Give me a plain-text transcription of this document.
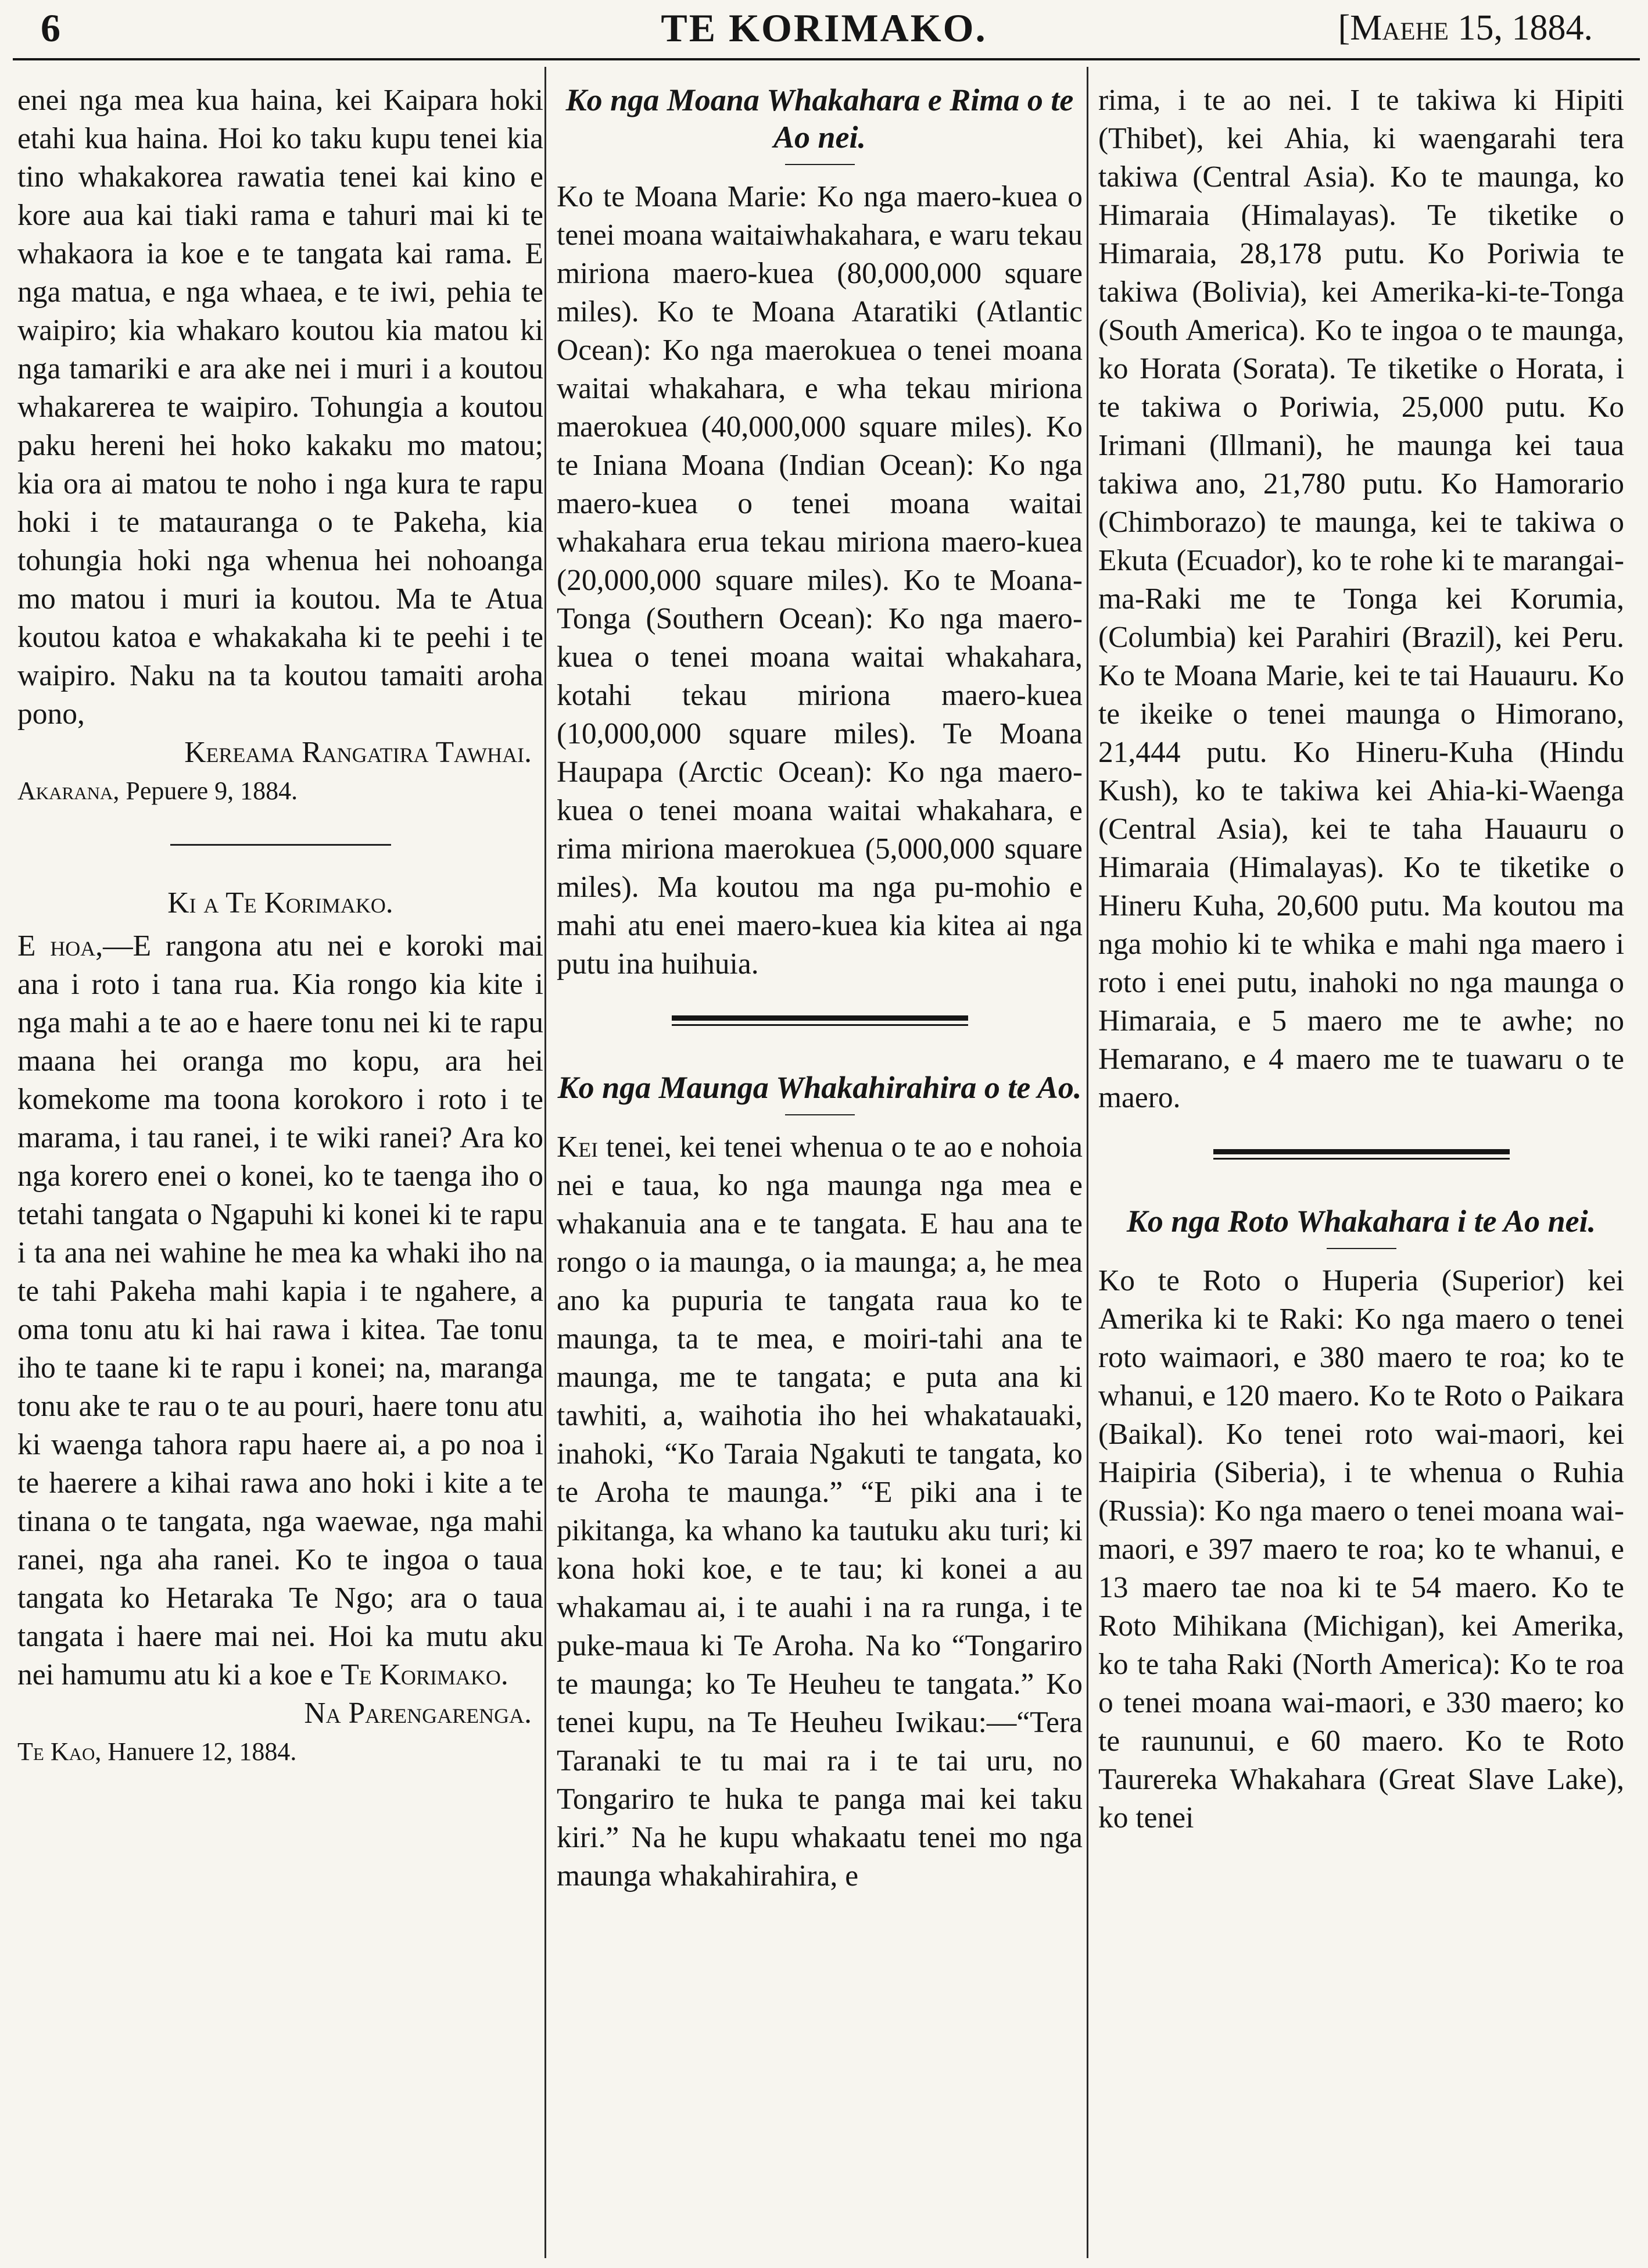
6	TE KORIMAKO.	[Maehe 15, 1884.

enei nga mea kua haina, kei Kaipara hoki etahi kua haina. Hoi ko taku kupu tenei kia tino whakakorea rawatia tenei kai kino e kore aua kai tiaki rama e tahuri mai ki te whakaora ia koe e te tangata kai rama. E nga matua, e nga whaea, e te iwi, pehia te waipiro; kia whakaro koutou kia matou ki nga tamariki e ara ake nei i muri i a koutou whakarerea te waipiro. Tohungia a koutou paku hereni hei hoko kakaku mo matou; kia ora ai matou te noho i nga kura te rapu hoki i te matauranga o te Pakeha, kia tohungia hoki nga whenua hei nohoanga mo matou i muri ia koutou. Ma te Atua koutou katoa e whakakaha ki te peehi i te waipiro. Naku na ta koutou tamaiti aroha pono,

Kereama Rangatira Tawhai.

Akarana, Pepuere 9, 1884.

Ki a Te Korimako.

E hoa,—E rangona atu nei e koroki mai ana i roto i tana rua. Kia rongo kia kite i nga mahi a te ao e haere tonu nei ki te rapu maana hei oranga mo kopu, ara hei komekome ma toona korokoro i roto i te marama, i tau ranei, i te wiki ranei? Ara ko nga korero enei o konei, ko te taenga iho o tetahi tangata o Ngapuhi ki konei ki te rapu i ta ana nei wahine he mea ka whaki iho na te tahi Pakeha mahi kapia i te ngahere, a oma tonu atu ki hai rawa i kitea. Tae tonu iho te taane ki te rapu i konei; na, maranga tonu ake te rau o te au pouri, haere tonu atu ki waenga tahora rapu haere ai, a po noa i te haerere a kihai rawa ano hoki i kite a te tinana o te tangata, nga waewae, nga mahi ranei, nga aha ranei. Ko te ingoa o taua tangata ko Hetaraka Te Ngo; ara o taua tangata i haere mai nei. Hoi ka mutu aku nei hamumu atu ki a koe e Te Korimako.

Na Parengarenga.

Te Kao, Hanuere 12, 1884.

Ko nga Moana Whakahara e Rima o te Ao nei.

Ko te Moana Marie: Ko nga maero-kuea o tenei moana waitaiwhakahara, e waru tekau miriona maero-kuea (80,000,000 square miles). Ko te Moana Ataratiki (Atlantic Ocean): Ko nga maerokuea o tenei moana waitai whakahara, e wha tekau miriona maerokuea (40,000,000 square miles). Ko te Iniana Moana (Indian Ocean): Ko nga maero-kuea o tenei moana waitai whakahara erua tekau miriona maero-kuea (20,000,000 square miles). Ko te Moana-Tonga (Southern Ocean): Ko nga maero-kuea o tenei moana waitai whakahara, kotahi tekau miriona maero-kuea (10,000,000 square miles). Te Moana Haupapa (Arctic Ocean): Ko nga maero-kuea o tenei moana waitai whakahara, e rima miriona maerokuea (5,000,000 square miles). Ma koutou ma nga pu-mohio e mahi atu enei maero-kuea kia kitea ai nga putu ina huihuia.

Ko nga Maunga Whakahirahira o te Ao.

Kei tenei, kei tenei whenua o te ao e nohoia nei e taua, ko nga maunga nga mea e whakanuia ana e te tangata. E hau ana te rongo o ia maunga, o ia maunga; a, he mea ano ka pupuria te tangata raua ko te maunga, ta te mea, e moiri-tahi ana te maunga, me te tangata; e puta ana ki tawhiti, a, waihotia iho hei whakatauaki, inahoki, “Ko Taraia Ngakuti te tangata, ko te Aroha te maunga.” “E piki ana i te pikitanga, ka whano ka tautuku aku turi; ki kona hoki koe, e te tau; ki konei a au whakamau ai, i te auahi i na ra runga, i te puke-maua ki Te Aroha. Na ko “Tongariro te maunga; ko Te Heuheu te tangata.” Ko tenei kupu, na Te Heuheu Iwikau:—“Tera Taranaki te tu mai ra i te tai uru, no Tongariro te huka te panga mai kei taku kiri.” Na he kupu whakaatu tenei mo nga maunga whakahirahira, e

rima, i te ao nei. I te takiwa ki Hipiti (Thibet), kei Ahia, ki waengarahi tera takiwa (Central Asia). Ko te maunga, ko Himaraia (Himalayas). Te tiketike o Himaraia, 28,178 putu. Ko Poriwia te takiwa (Bolivia), kei Amerika-ki-te-Tonga (South America). Ko te ingoa o te maunga, ko Horata (Sorata). Te tiketike o Horata, i te takiwa o Poriwia, 25,000 putu. Ko Irimani (Illmani), he maunga kei taua takiwa ano, 21,780 putu. Ko Hamorario (Chimborazo) te maunga, kei te takiwa o Ekuta (Ecuador), ko te rohe ki te marangai-ma-Raki me te Tonga kei Korumia, (Columbia) kei Parahiri (Brazil), kei Peru. Ko te Moana Marie, kei te tai Hauauru. Ko te ikeike o tenei maunga o Himorano, 21,444 putu. Ko Hineru-Kuha (Hindu Kush), ko te takiwa kei Ahia-ki-Waenga (Central Asia), kei te taha Hauauru o Himaraia (Himalayas). Ko te tiketike o Hineru Kuha, 20,600 putu. Ma koutou ma nga mohio ki te whika e mahi nga maero i roto i enei putu, inahoki no nga maunga o Himaraia, e 5 maero me te awhe; no Hemarano, e 4 maero me te tuawaru o te maero.

Ko nga Roto Whakahara i te Ao nei.

Ko te Roto o Huperia (Superior) kei Amerika ki te Raki: Ko nga maero o tenei roto waimaori, e 380 maero te roa; ko te whanui, e 120 maero. Ko te Roto o Paikara (Baikal). Ko tenei roto wai-maori, kei Haipiria (Siberia), i te whenua o Ruhia (Russia): Ko nga maero o tenei moana wai-maori, e 397 maero te roa; ko te whanui, e 13 maero tae noa ki te 54 maero. Ko te Roto Mihikana (Michigan), kei Amerika, ko te taha Raki (North America): Ko te roa o tenei moana wai-maori, e 330 maero; ko te raununui, e 60 maero. Ko te Roto Taurereka Whakahara (Great Slave Lake), ko tenei
